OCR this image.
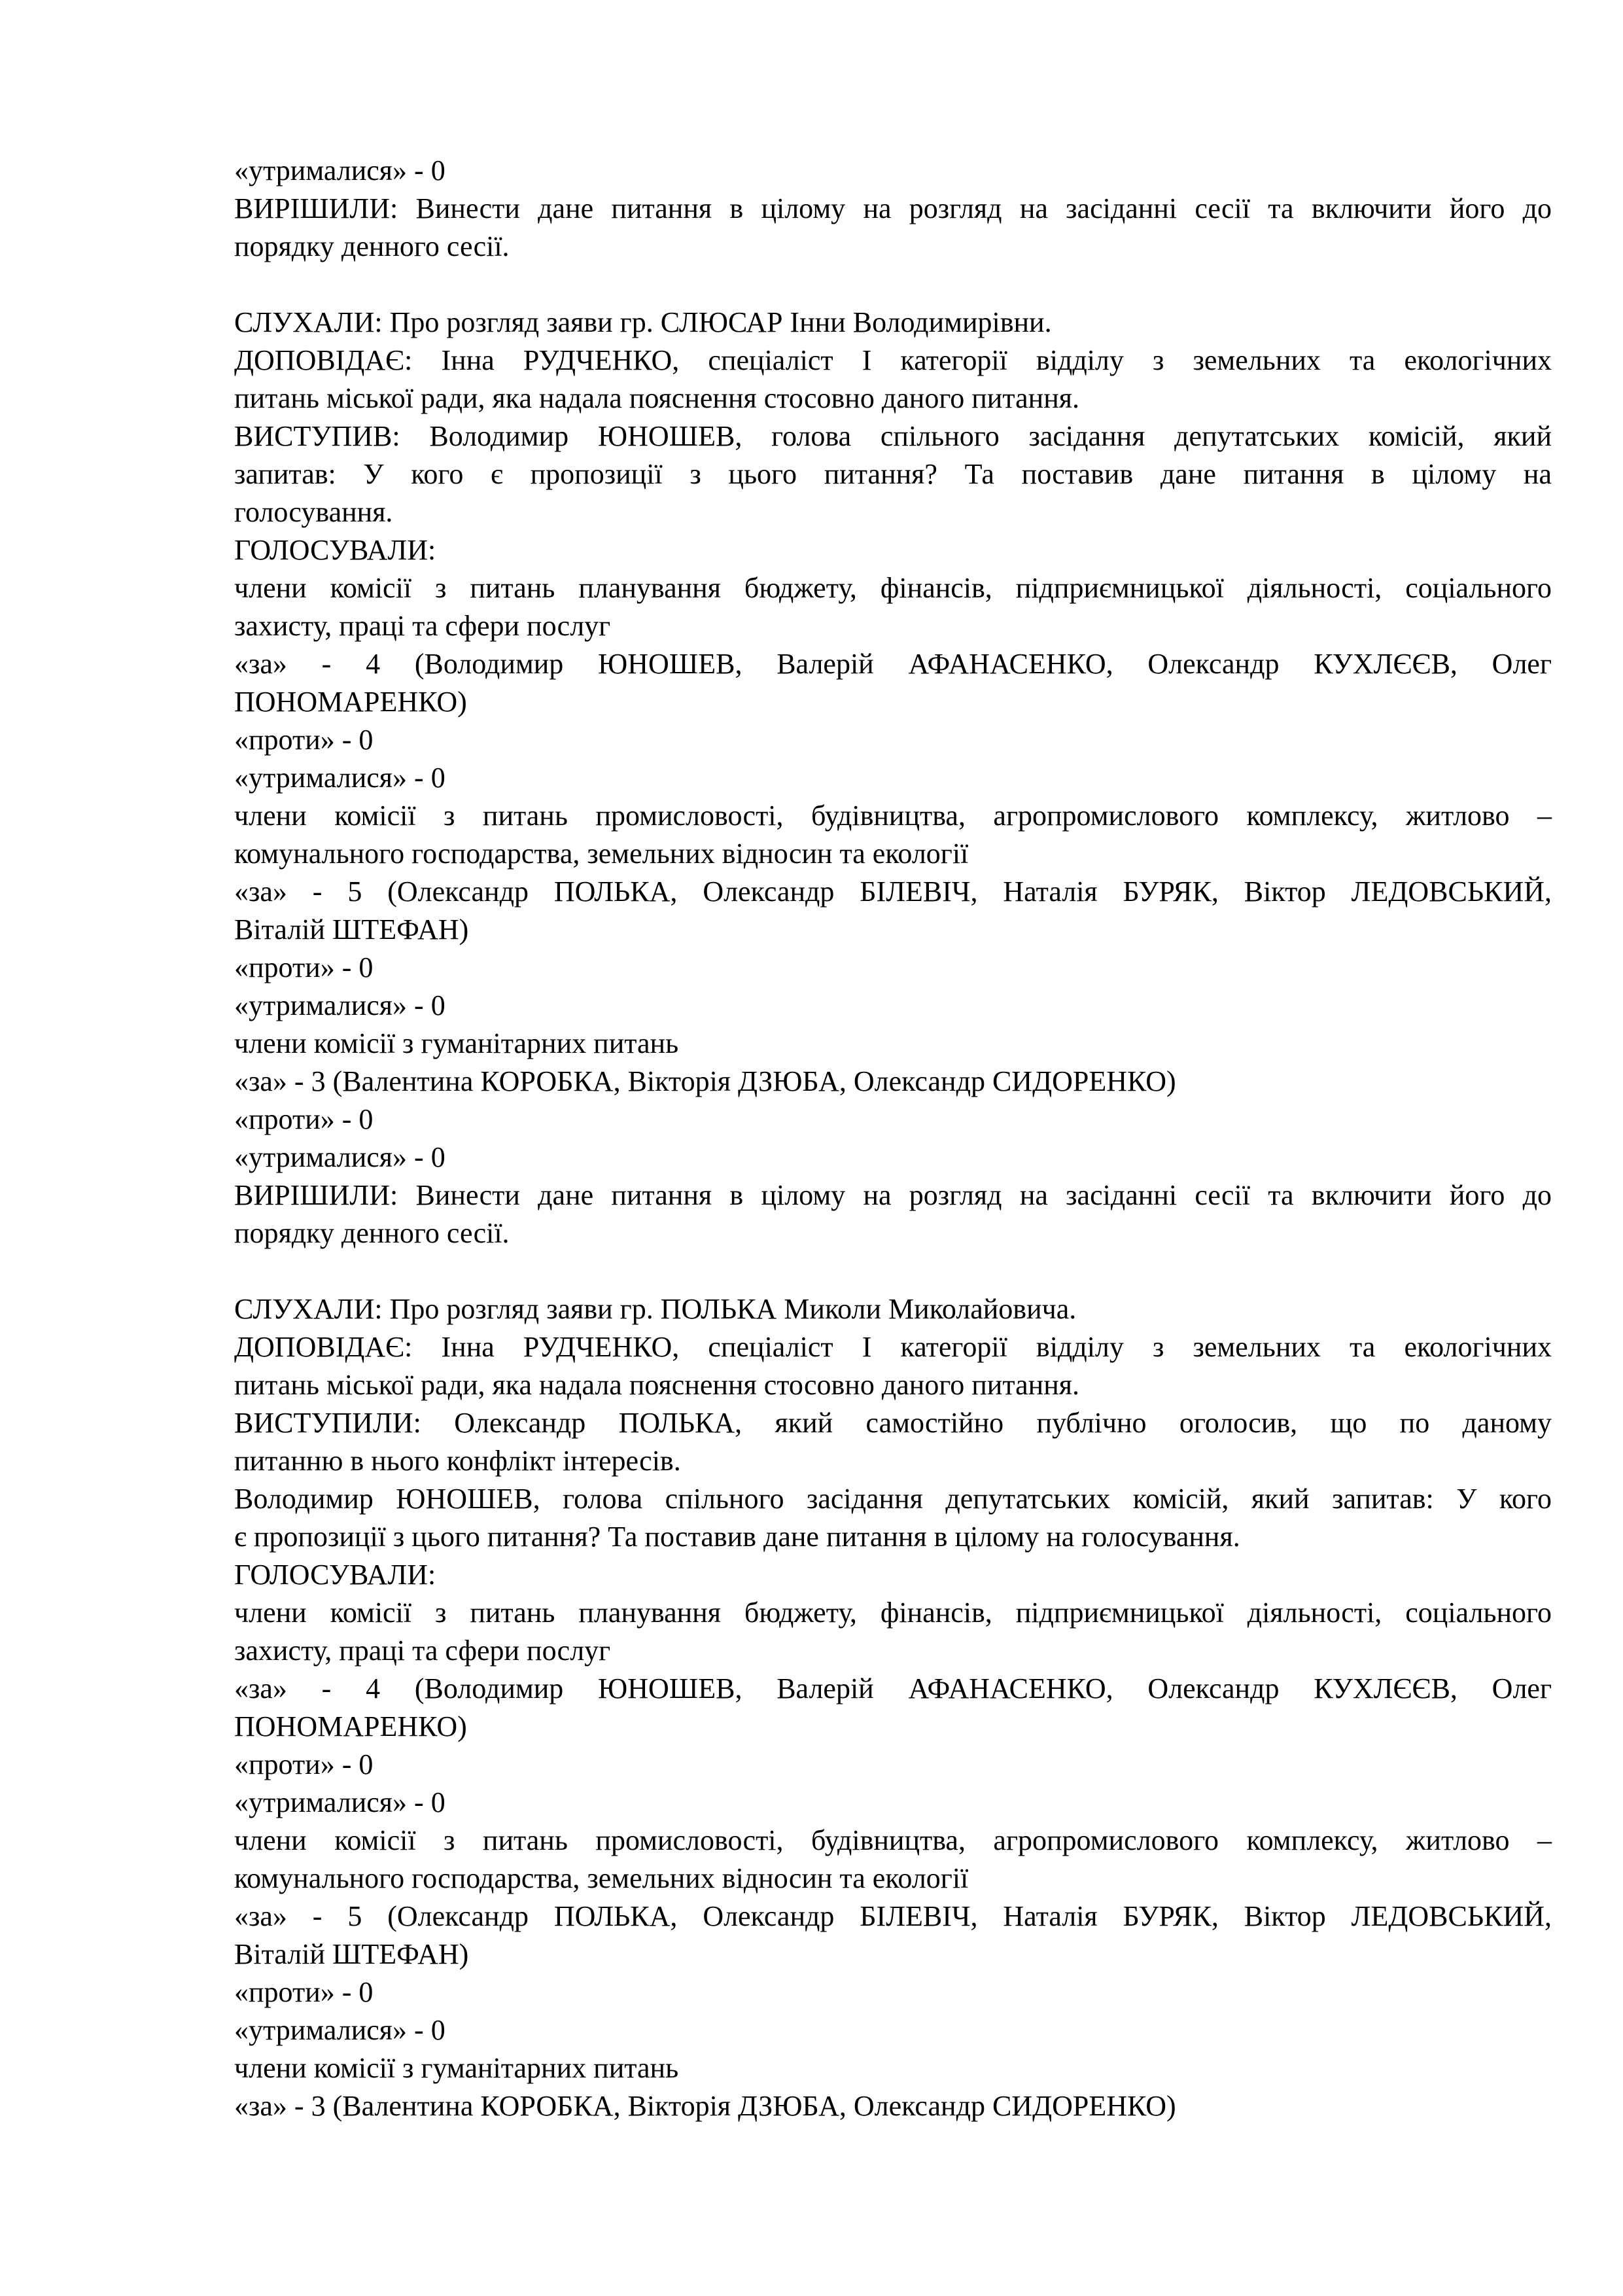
«утрималися» - 0
ВИРІШИЛИ: Винести дане питання в цілому на розгляд на засіданні сесії та включити його до
порядку денного сесії.
СЛУХАЛИ: Про розгляд заяви гр. СЛЮСАР Інни Володимирівни.
ДОПОВІДАЄ: Інна РУДЧЕНКО, спеціаліст І категорії відділу з земельних та екологічних
питань міської ради, яка надала пояснення стосовно даного питання.
ВИСТУПИВ: Володимир ЮНОШЕВ, голова спільного засідання депутатських комісій, який
запитав: У кого є пропозиції з цього питання? Та поставив дане питання в цілому на
голосування.
ГОЛОСУВАЛИ:
члени комісії з питань планування бюджету, фінансів, підприємницької діяльності, соціального
захисту, праці та сфери послуг
«за» - 4 (Володимир ЮНОШЕВ, Валерій АФАНАСЕНКО, Олександр КУХЛЄЄВ, Олег
ПОНОМАРЕНКО)
«проти» - 0
«утрималися» - 0
члени комісії з питань промисловості, будівництва, агропромислового комплексу, житлово –
комунального господарства, земельних відносин та екології
«за» - 5 (Олександр ПОЛЬКА, Олександр БІЛЕВІЧ, Наталія БУРЯК, Віктор ЛЕДОВСЬКИЙ,
Віталій ШТЕФАН)
«проти» - 0
«утрималися» - 0
члени комісії з гуманітарних питань
«за» - 3 (Валентина КОРОБКА, Вікторія ДЗЮБА, Олександр СИДОРЕНКО)
«проти» - 0
«утрималися» - 0
ВИРІШИЛИ: Винести дане питання в цілому на розгляд на засіданні сесії та включити його до
порядку денного сесії.
СЛУХАЛИ: Про розгляд заяви гр. ПОЛЬКА Миколи Миколайовича.
ДОПОВІДАЄ: Інна РУДЧЕНКО, спеціаліст І категорії відділу з земельних та екологічних
питань міської ради, яка надала пояснення стосовно даного питання.
ВИСТУПИЛИ: Олександр ПОЛЬКА, який самостійно публічно оголосив, що по даному
питанню в нього конфлікт інтересів.
Володимир ЮНОШЕВ, голова спільного засідання депутатських комісій, який запитав: У кого
є пропозиції з цього питання? Та поставив дане питання в цілому на голосування.
ГОЛОСУВАЛИ:
члени комісії з питань планування бюджету, фінансів, підприємницької діяльності, соціального
захисту, праці та сфери послуг
«за» - 4 (Володимир ЮНОШЕВ, Валерій АФАНАСЕНКО, Олександр КУХЛЄЄВ, Олег
ПОНОМАРЕНКО)
«проти» - 0
«утрималися» - 0
члени комісії з питань промисловості, будівництва, агропромислового комплексу, житлово –
комунального господарства, земельних відносин та екології
«за» - 5 (Олександр ПОЛЬКА, Олександр БІЛЕВІЧ, Наталія БУРЯК, Віктор ЛЕДОВСЬКИЙ,
Віталій ШТЕФАН)
«проти» - 0
«утрималися» - 0
члени комісії з гуманітарних питань
«за» - 3 (Валентина КОРОБКА, Вікторія ДЗЮБА, Олександр СИДОРЕНКО)
